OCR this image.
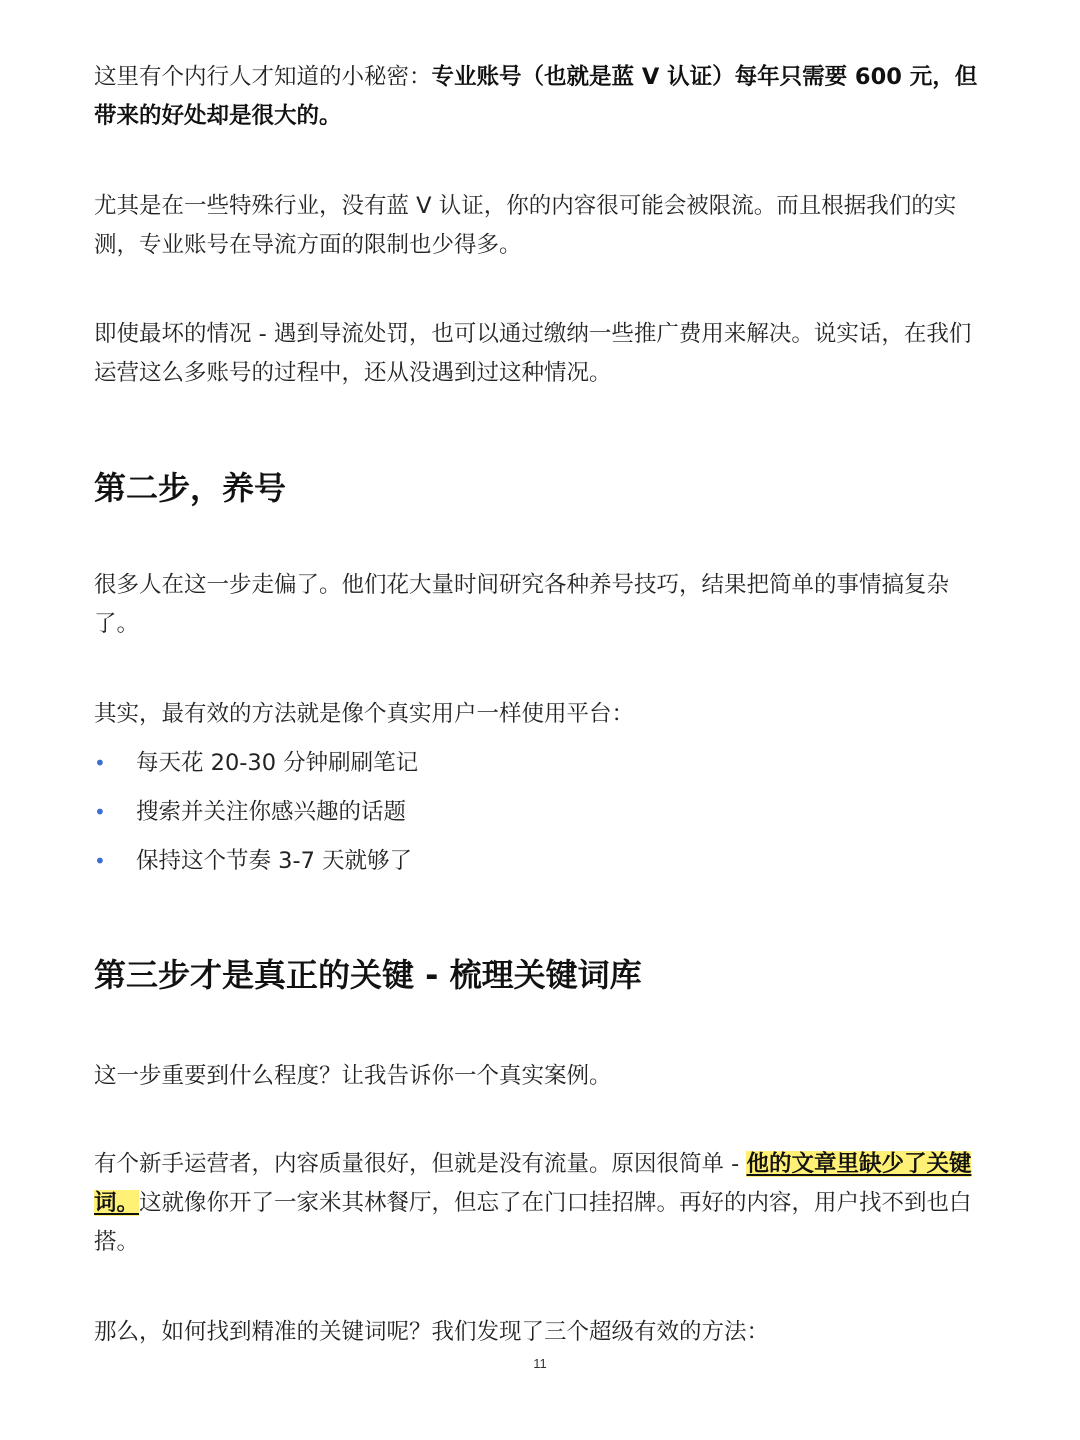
这里有个内行人才知道的小秘密：专业账号（也就是蓝 V 认证）每年只需要 600 元，但带来的好处却是很大的。
尤其是在一些特殊行业，没有蓝 V 认证，你的内容很可能会被限流。而且根据我们的实测，专业账号在导流方面的限制也少得多。
即使最坏的情况 - 遇到导流处罚，也可以通过缴纳一些推广费用来解决。说实话，在我们运营这么多账号的过程中，还从没遇到过这种情况。
第二步，养号
很多人在这一步走偏了。他们花大量时间研究各种养号技巧，结果把简单的事情搞复杂了。
其实，最有效的方法就是像个真实用户一样使用平台：
• 每天花 20-30 分钟刷刷笔记
• 搜索并关注你感兴趣的话题
• 保持这个节奏 3-7 天就够了
第三步才是真正的关键 - 梳理关键词库
这一步重要到什么程度？让我告诉你一个真实案例。
有个新手运营者，内容质量很好，但就是没有流量。原因很简单 - 他的文章里缺少了关键词。这就像你开了一家米其林餐厅，但忘了在门口挂招牌。再好的内容，用户找不到也白搭。
那么，如何找到精准的关键词呢？我们发现了三个超级有效的方法：
11
